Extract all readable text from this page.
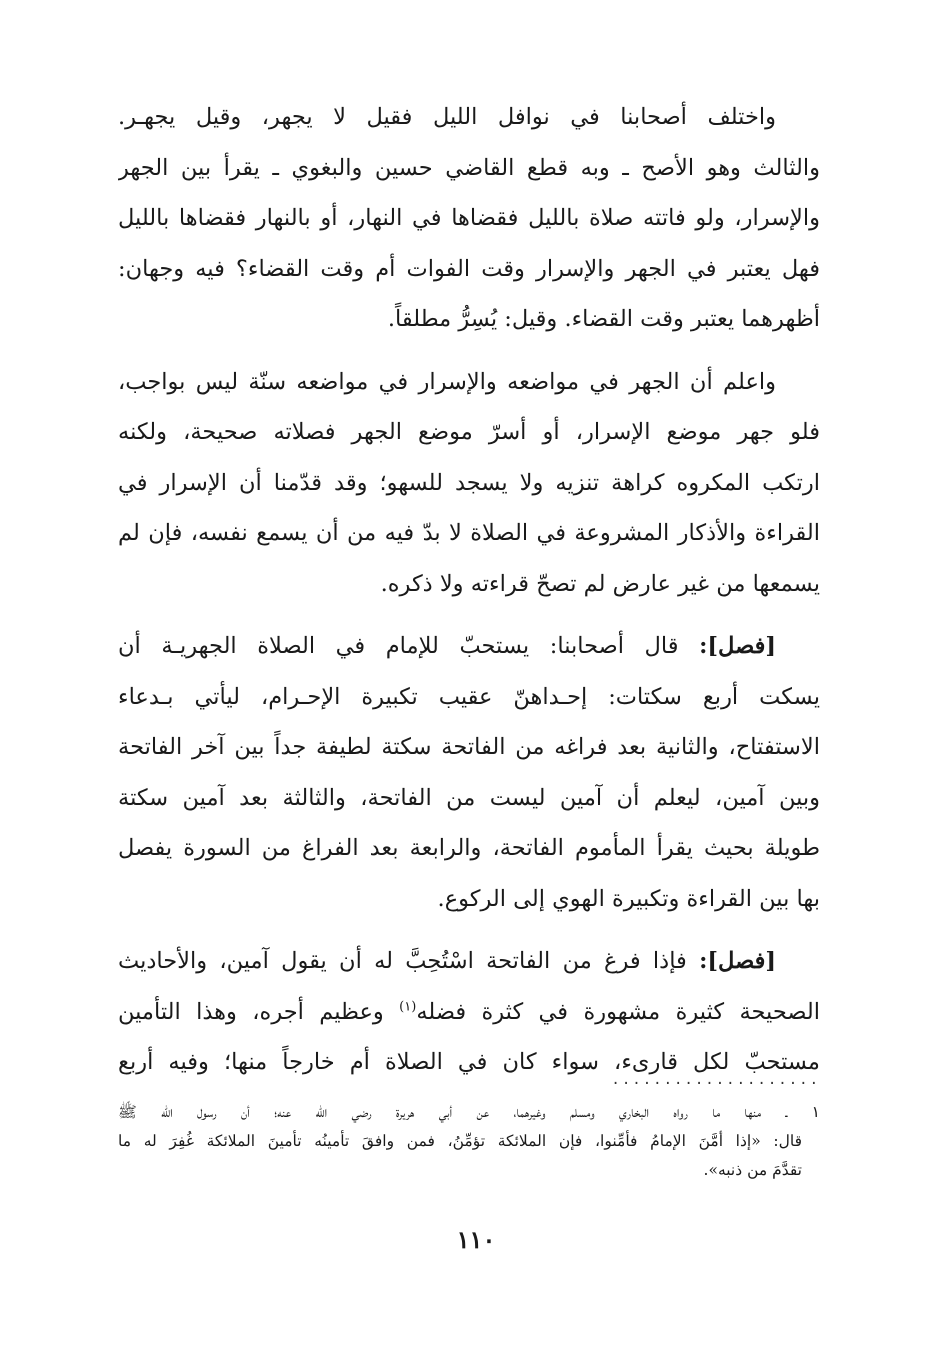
واختلف أصحابنا في نوافل الليل فقيل لا يجهر، وقيل يجهـر.
والثالث وهو الأصح ـ وبه قطع القاضي حسين والبغوي ـ يقرأ بين الجهر
والإسرار، ولو فاتته صلاة بالليل فقضاها في النهار، أو بالنهار فقضاها بالليل
فهل يعتبر في الجهر والإسرار وقت الفوات أم وقت القضاء؟ فيه وجهان:
أظهرهما يعتبر وقت القضاء. وقيل: يُسِرُّ مطلقاً.

واعلم أن الجهر في مواضعه والإسرار في مواضعه سنّة ليس بواجب،
فلو جهر موضع الإسرار، أو أسرّ موضع الجهر فصلاته صحيحة، ولكنه
ارتكب المكروه كراهة تنزيه ولا يسجد للسهو؛ وقد قدّمنا أن الإسرار في
القراءة والأذكار المشروعة في الصلاة لا بدّ فيه من أن يسمع نفسه، فإن لم
يسمعها من غير عارض لم تصحّ قراءته ولا ذكره.

[فصل]: قال أصحابنا: يستحبّ للإمام في الصلاة الجهريـة أن
يسكت أربع سكتات: إحـداهنّ عقيب تكبيرة الإحـرام، ليأتي بـدعاء
الاستفتاح، والثانية بعد فراغه من الفاتحة سكتة لطيفة جداً بين آخر الفاتحة
وبين آمين، ليعلم أن آمين ليست من الفاتحة، والثالثة بعد آمين سكتة
طويلة بحيث يقرأ المأموم الفاتحة، والرابعة بعد الفراغ من السورة يفصل
بها بين القراءة وتكبيرة الهوي إلى الركوع.

[فصل]: فإذا فرغ من الفاتحة اسْتُحِبَّ له أن يقول آمين، والأحاديث
الصحيحة كثيرة مشهورة في كثرة فضله$^{(١)}$ وعظيم أجره، وهذا التأمين
مستحبّ لكل قارىء، سواء كان في الصلاة أم خارجاً منها؛ وفيه أربع

....................
١ ـ منها ما رواه البخاري ومسلم وغيرهما، عن أبي هريرة رضي اللّه عنه؛ أن رسول اللّه ﷺ
قال: «إذا أمَّنَ الإمامُ فأمِّنوا، فإن الملائكة تؤمِّنُ، فمن وافقَ تأمينُه تأمينَ الملائكة غُفِرَ له ما
تقدَّمَ من ذنبه».
١١٠
